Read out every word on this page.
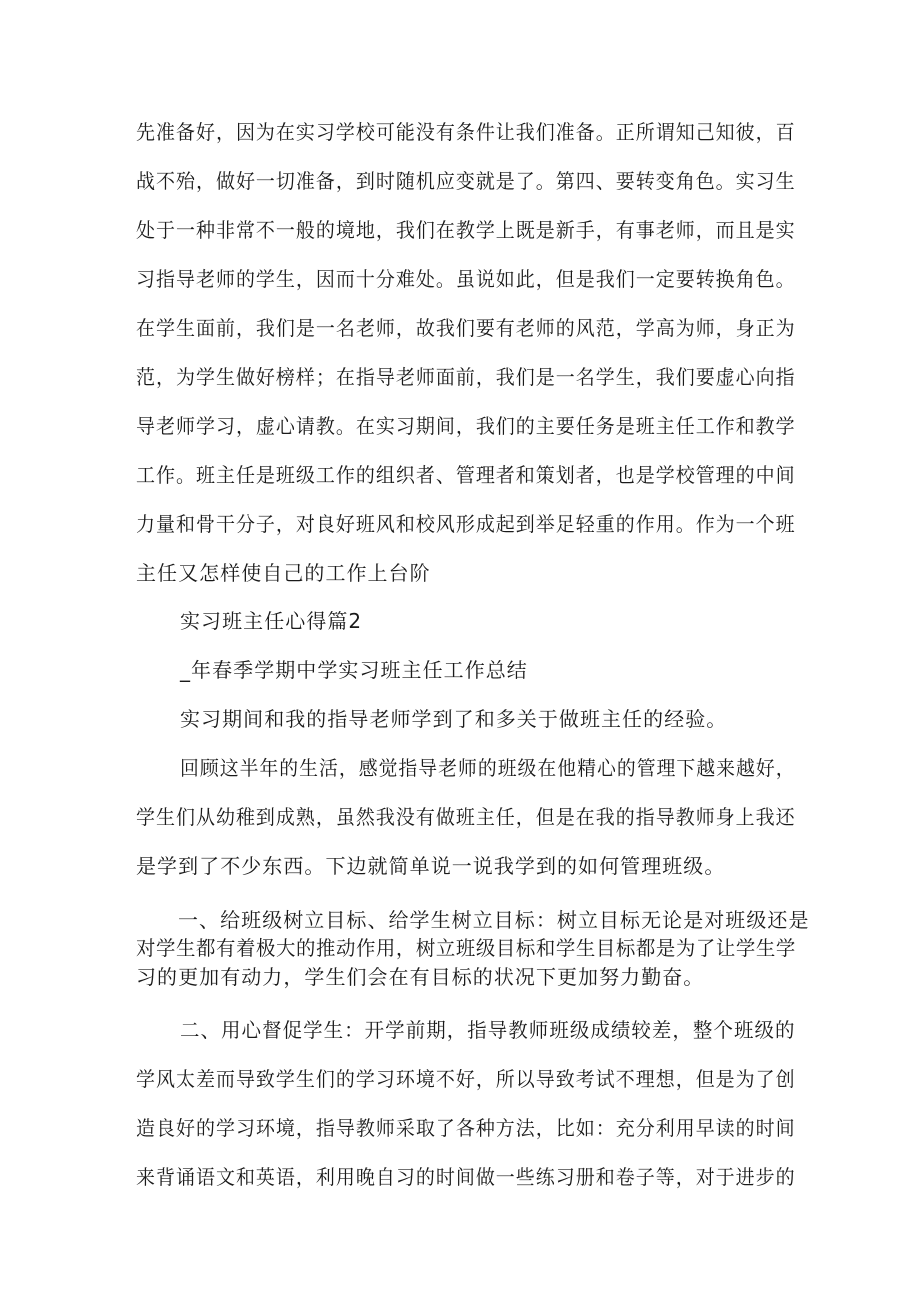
先准备好，因为在实习学校可能没有条件让我们准备。正所谓知己知彼，百
战不殆，做好一切准备，到时随机应变就是了。第四、要转变角色。实习生
处于一种非常不一般的境地，我们在教学上既是新手，有事老师，而且是实
习指导老师的学生，因而十分难处。虽说如此，但是我们一定要转换角色。
在学生面前，我们是一名老师，故我们要有老师的风范，学高为师，身正为
范，为学生做好榜样；在指导老师面前，我们是一名学生，我们要虚心向指
导老师学习，虚心请教。在实习期间，我们的主要任务是班主任工作和教学
工作。班主任是班级工作的组织者、管理者和策划者，也是学校管理的中间
力量和骨干分子，对良好班风和校风形成起到举足轻重的作用。作为一个班
主任又怎样使自己的工作上台阶
实习班主任心得篇2
_年春季学期中学实习班主任工作总结
实习期间和我的指导老师学到了和多关于做班主任的经验。
回顾这半年的生活，感觉指导老师的班级在他精心的管理下越来越好，
学生们从幼稚到成熟，虽然我没有做班主任，但是在我的指导教师身上我还
是学到了不少东西。下边就简单说一说我学到的如何管理班级。
一、给班级树立目标、给学生树立目标：树立目标无论是对班级还是
对学生都有着极大的推动作用，树立班级目标和学生目标都是为了让学生学
习的更加有动力，学生们会在有目标的状况下更加努力勤奋。
二、用心督促学生：开学前期，指导教师班级成绩较差，整个班级的
学风太差而导致学生们的学习环境不好，所以导致考试不理想，但是为了创
造良好的学习环境，指导教师采取了各种方法，比如：充分利用早读的时间
来背诵语文和英语，利用晚自习的时间做一些练习册和卷子等，对于进步的
